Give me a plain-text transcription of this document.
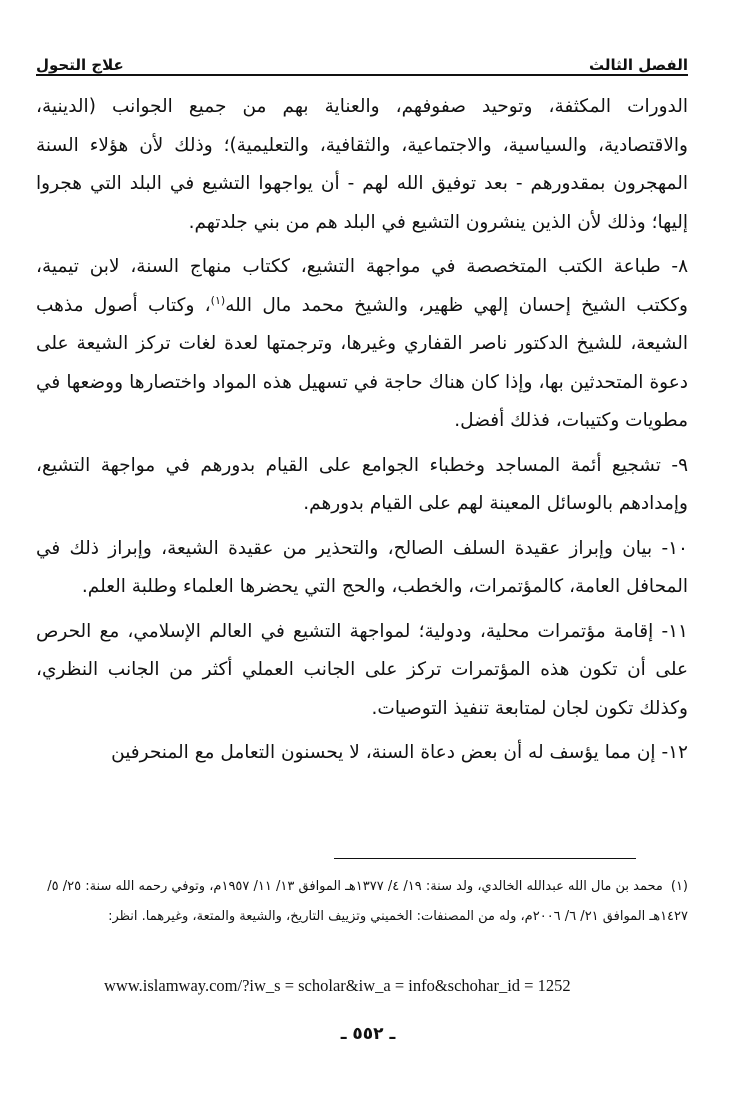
علاج التحول	الفصل الثالث

الدورات المكثفة، وتوحيد صفوفهم، والعناية بهم من جميع الجوانب (الدينية، والاقتصادية، والسياسية، والاجتماعية، والثقافية، والتعليمية)؛ وذلك لأن هؤلاء السنة المهجرون بمقدورهم - بعد توفيق الله لهم - أن يواجهوا التشيع في البلد التي هجروا إليها؛ وذلك لأن الذين ينشرون التشيع في البلد هم من بني جلدتهم.

٨- طباعة الكتب المتخصصة في مواجهة التشيع، ككتاب منهاج السنة، لابن تيمية، وككتب الشيخ إحسان إلهي ظهير، والشيخ محمد مال الله$^{(١)}$، وكتاب أصول مذهب الشيعة، للشيخ الدكتور ناصر القفاري وغيرها، وترجمتها لعدة لغات تركز الشيعة على دعوة المتحدثين بها، وإذا كان هناك حاجة في تسهيل هذه المواد واختصارها ووضعها في مطويات وكتيبات، فذلك أفضل.

٩- تشجيع أئمة المساجد وخطباء الجوامع على القيام بدورهم في مواجهة التشيع، وإمدادهم بالوسائل المعينة لهم على القيام بدورهم.

١٠- بيان وإبراز عقيدة السلف الصالح، والتحذير من عقيدة الشيعة، وإبراز ذلك في المحافل العامة، كالمؤتمرات، والخطب، والحج التي يحضرها العلماء وطلبة العلم.

١١- إقامة مؤتمرات محلية، ودولية؛ لمواجهة التشيع في العالم الإسلامي، مع الحرص على أن تكون هذه المؤتمرات تركز على الجانب العملي أكثر من الجانب النظري، وكذلك تكون لجان لمتابعة تنفيذ التوصيات.

١٢- إن مما يؤسف له أن بعض دعاة السنة، لا يحسنون التعامل مع المنحرفين

(١)محمد بن مال الله عبدالله الخالدي، ولد سنة: ١٩/ ٤/ ١٣٧٧هـ الموافق ١٣/ ١١/ ١٩٥٧م، وتوفي رحمه الله سنة: ٢٥/ ٥/ ١٤٢٧هـ الموافق ٢١/ ٦/ ٢٠٠٦م، وله من المصنفات: الخميني وتزييف التاريخ، والشيعة والمتعة، وغيرهما. انظر:
www.islamway.com/?iw_s = scholar&iw_a = info&schohar_id = 1252
ـ ٥٥٢ ـ
